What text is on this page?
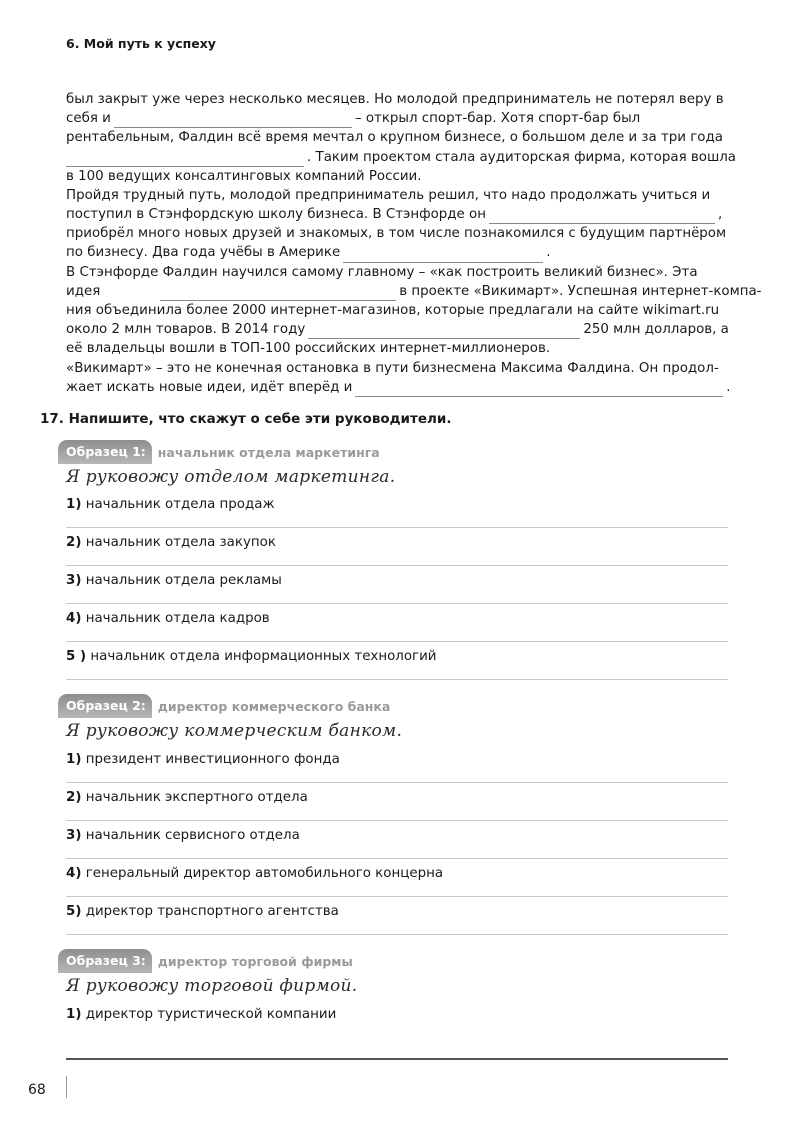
6. Мой путь к успеху
был закрыт уже через несколько месяцев. Но молодой предприниматель не потерял веру в
себя и	– открыл спорт-бар. Хотя спорт-бар был
рентабельным, Фалдин всё время мечтал о крупном бизнесе, о большом деле и за три года
. Таким проектом стала аудиторская фирма, которая вошла
в 100 ведущих консалтинговых компаний России.
Пройдя трудный путь, молодой предприниматель решил, что надо продолжать учиться и
поступил в Стэнфордскую школу бизнеса. В Стэнфорде он	,
приобрёл много новых друзей и знакомых, в том числе познакомился с будущим партнёром
по бизнесу. Два года учёбы в Америке	.
В Стэнфорде Фалдин научился самому главному – «как построить великий бизнес». Эта
идея	в проекте «Викимарт». Успешная интернет-компа-
ния объединила более 2000 интернет-магазинов, которые предлагали на сайте wikimart.ru
около 2 млн товаров. В 2014 году	250 млн долларов, а
её владельцы вошли в ТОП-100 российских интернет-миллионеров.
«Викимарт» – это не конечная остановка в пути бизнесмена Максима Фалдина. Он продол-
жает искать новые идеи, идёт вперёд и	.
17. Напишите, что скажут о себе эти руководители.
Образец 1: начальник отдела маркетинга
Я руковожу отделом маркетинга.
1) начальник отдела продаж
2) начальник отдела закупок
3) начальник отдела рекламы
4) начальник отдела кадров
5 ) начальник отдела информационных технологий
Образец 2: директор коммерческого банка
Я руковожу коммерческим банком.
1) президент инвестиционного фонда
2) начальник экспертного отдела
3) начальник сервисного отдела
4) генеральный директор автомобильного концерна
5) директор транспортного агентства
Образец 3: директор торговой фирмы
Я руковожу торговой фирмой.
1) директор туристической компании
68
